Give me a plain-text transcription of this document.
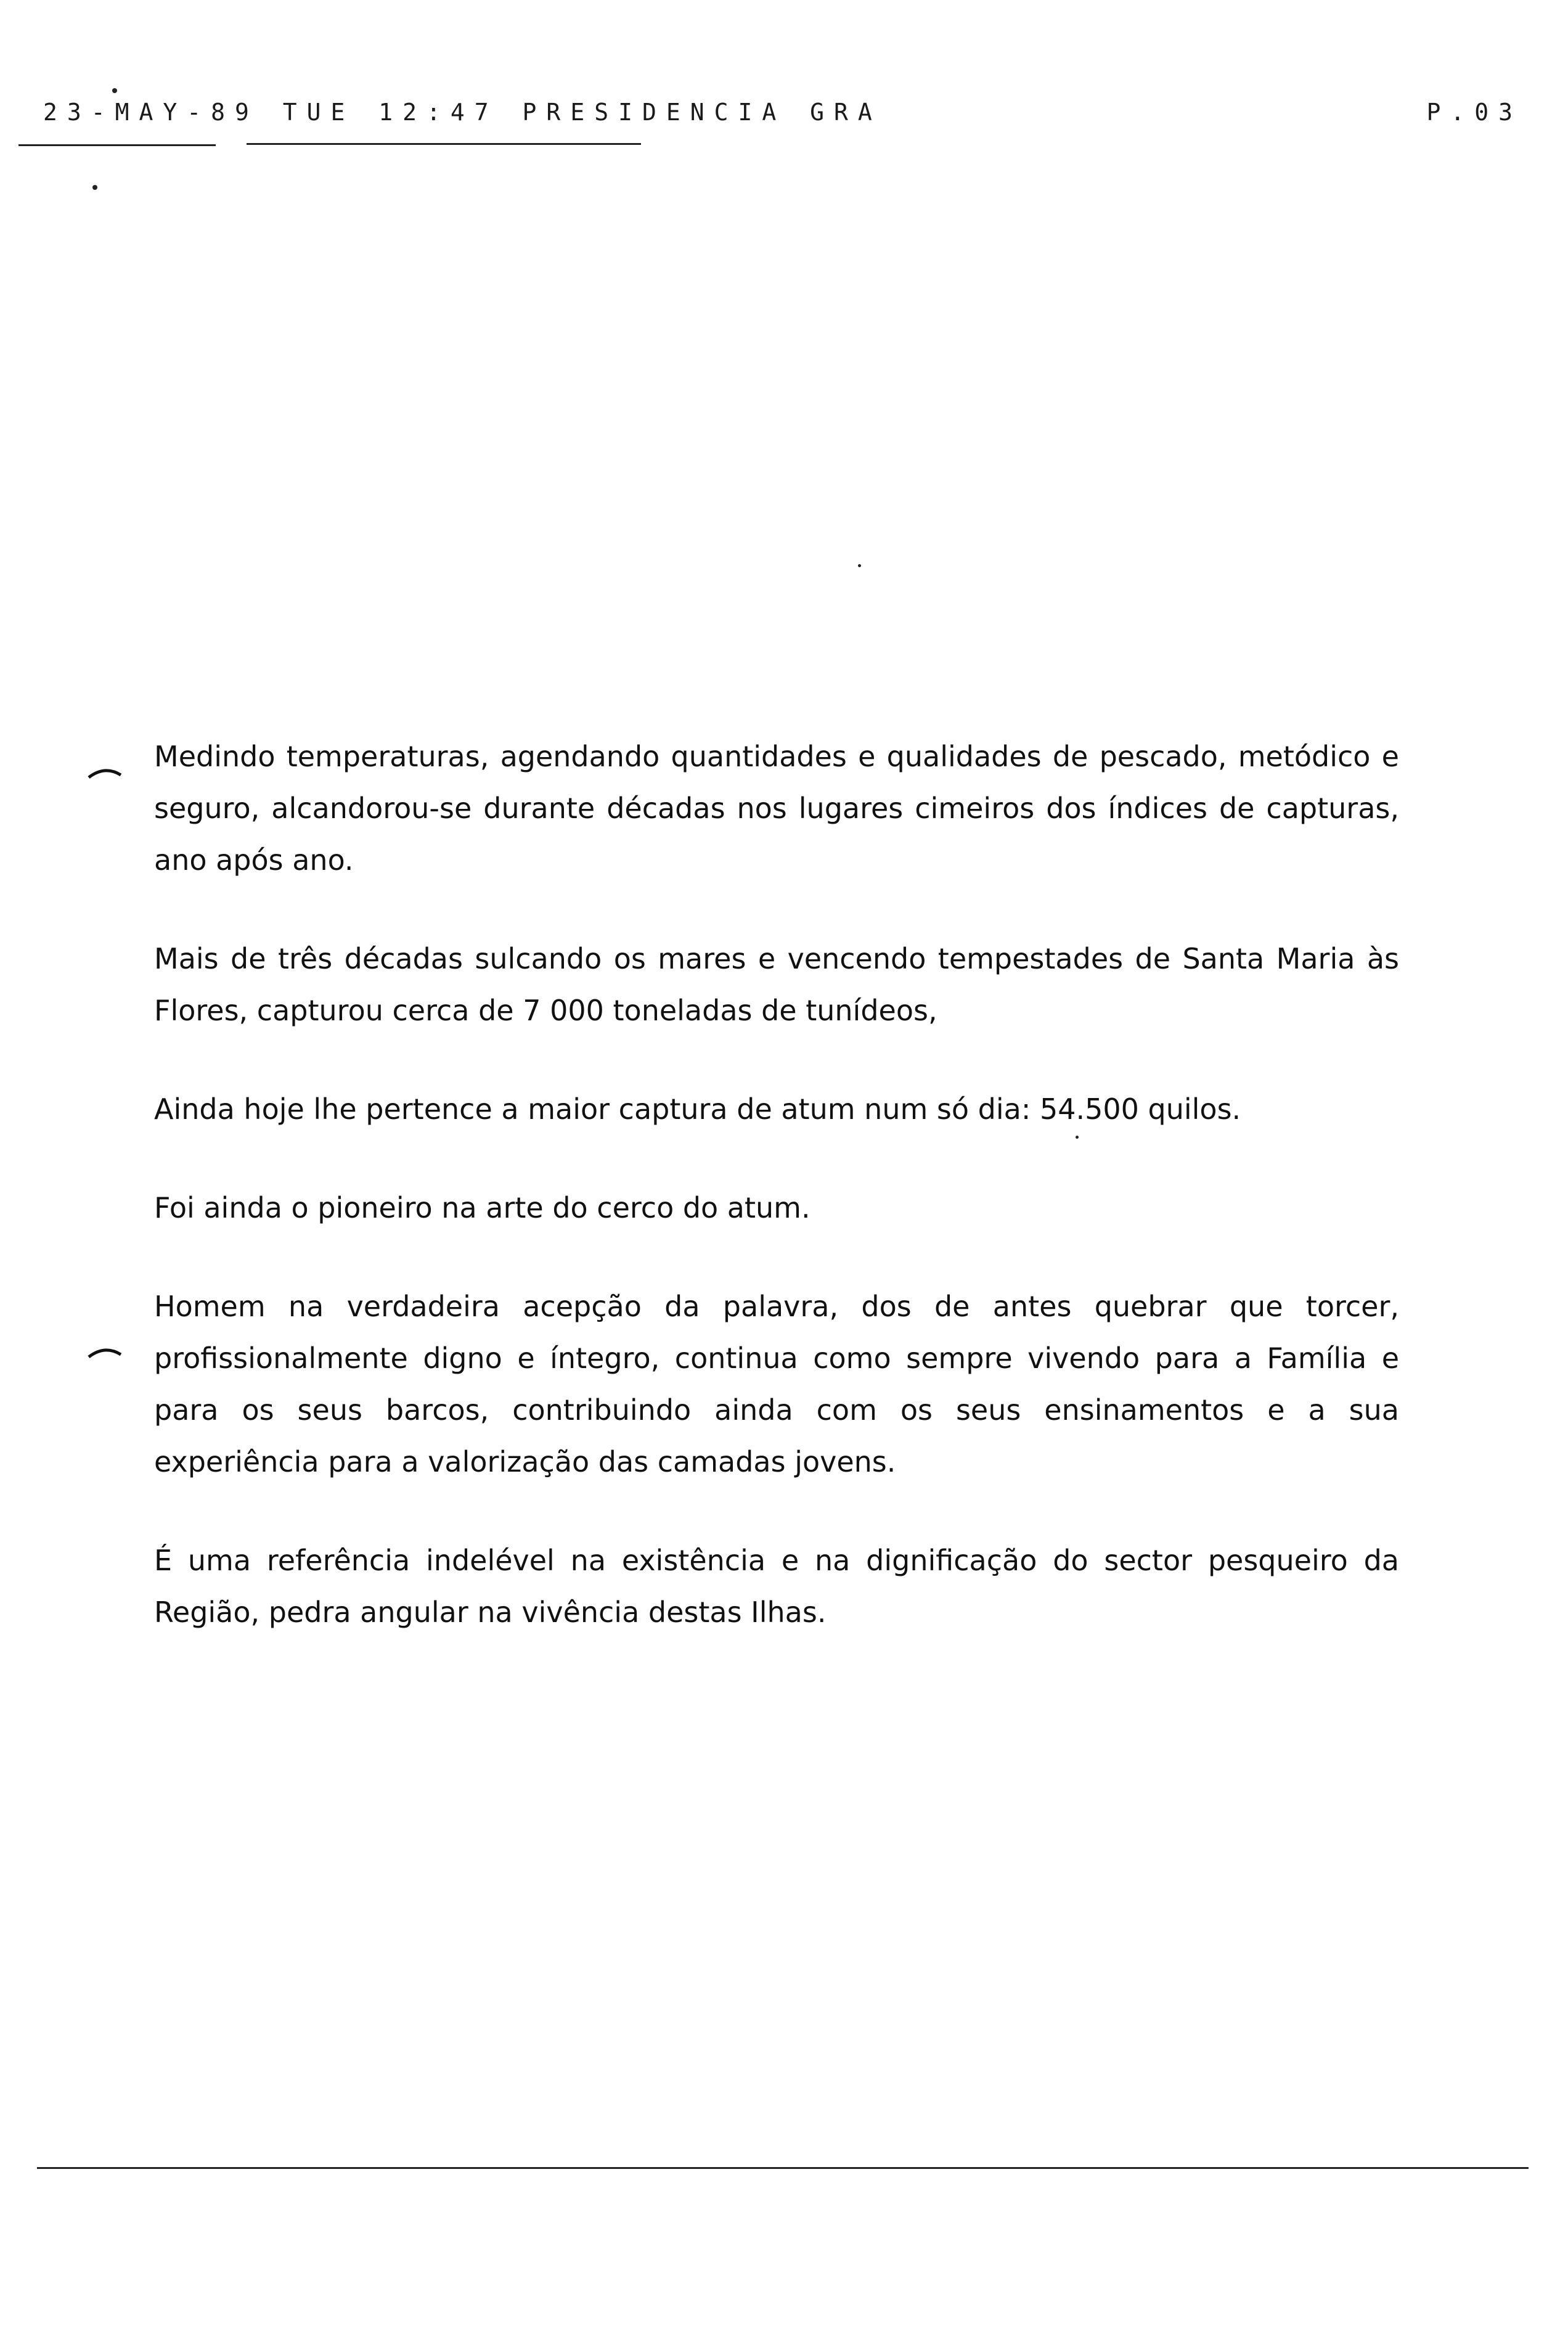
23-MAY-89 TUE 12:47 PRESIDENCIA GRA	P.03

Medindo temperaturas, agendando quantidades e qualidades de pescado, metódico e seguro, alcandorou-se durante décadas nos lugares cimeiros dos índices de capturas, ano após ano.

Mais de três décadas sulcando os mares e vencendo tempestades de Santa Maria às Flores, capturou cerca de 7 000 toneladas de tunídeos,

Ainda hoje lhe pertence a maior captura de atum num só dia: 54.500 quilos.

Foi ainda o pioneiro na arte do cerco do atum.

Homem na verdadeira acepção da palavra, dos de antes quebrar que torcer, profissionalmente digno e íntegro, continua como sempre vivendo para a Família e para os seus barcos, contribuindo ainda com os seus ensinamentos e a sua experiência para a valorização das camadas jovens.

É uma referência indelével na existência e na dignificação do sector pesqueiro da Região, pedra angular na vivência destas Ilhas.
